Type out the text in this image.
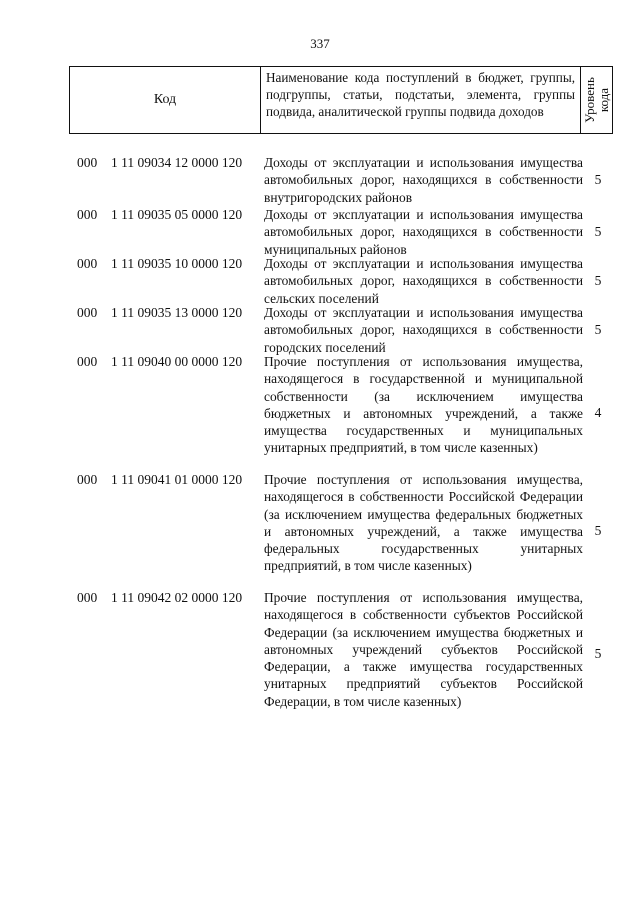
337
Код
Наименование кода поступлений в бюджет, группы, подгруппы, статьи, подстатьи, элемента, группы подвида, аналитической группы подвида доходов	Уровень кода
000 1 11 09034 12 0000 120 Доходы от эксплуатации и использования имущества автомобильных дорог, находящихся в собственности внутригородских районов
5
000 1 11 09035 05 0000 120 Доходы от эксплуатации и использования имущества автомобильных дорог, находящихся в собственности муниципальных районов
5
000 1 11 09035 10 0000 120 Доходы от эксплуатации и использования имущества автомобильных дорог, находящихся в собственности сельских поселений
5
000 1 11 09035 13 0000 120 Доходы от эксплуатации и использования имущества автомобильных дорог, находящихся в собственности городских поселений
5
000 1 11 09040 00 0000 120 Прочие поступления от использования имущества, находящегося в государственной и муниципальной собственности (за исключением имущества бюджетных и автономных учреждений, а также имущества государственных и муниципальных унитарных предприятий, в том числе казенных)
4
000 1 11 09041 01 0000 120 Прочие поступления от использования имущества, находящегося в собственности Российской Федерации (за исключением имущества федеральных бюджетных и автономных учреждений, а также имущества федеральных государственных унитарных предприятий, в том числе казенных)
5
000 1 11 09042 02 0000 120 Прочие поступления от использования имущества, находящегося в собственности субъектов Российской Федерации (за исключением имущества бюджетных и автономных учреждений субъектов Российской Федерации, а также имущества государственных унитарных предприятий субъектов Российской Федерации, в том числе казенных)
5
